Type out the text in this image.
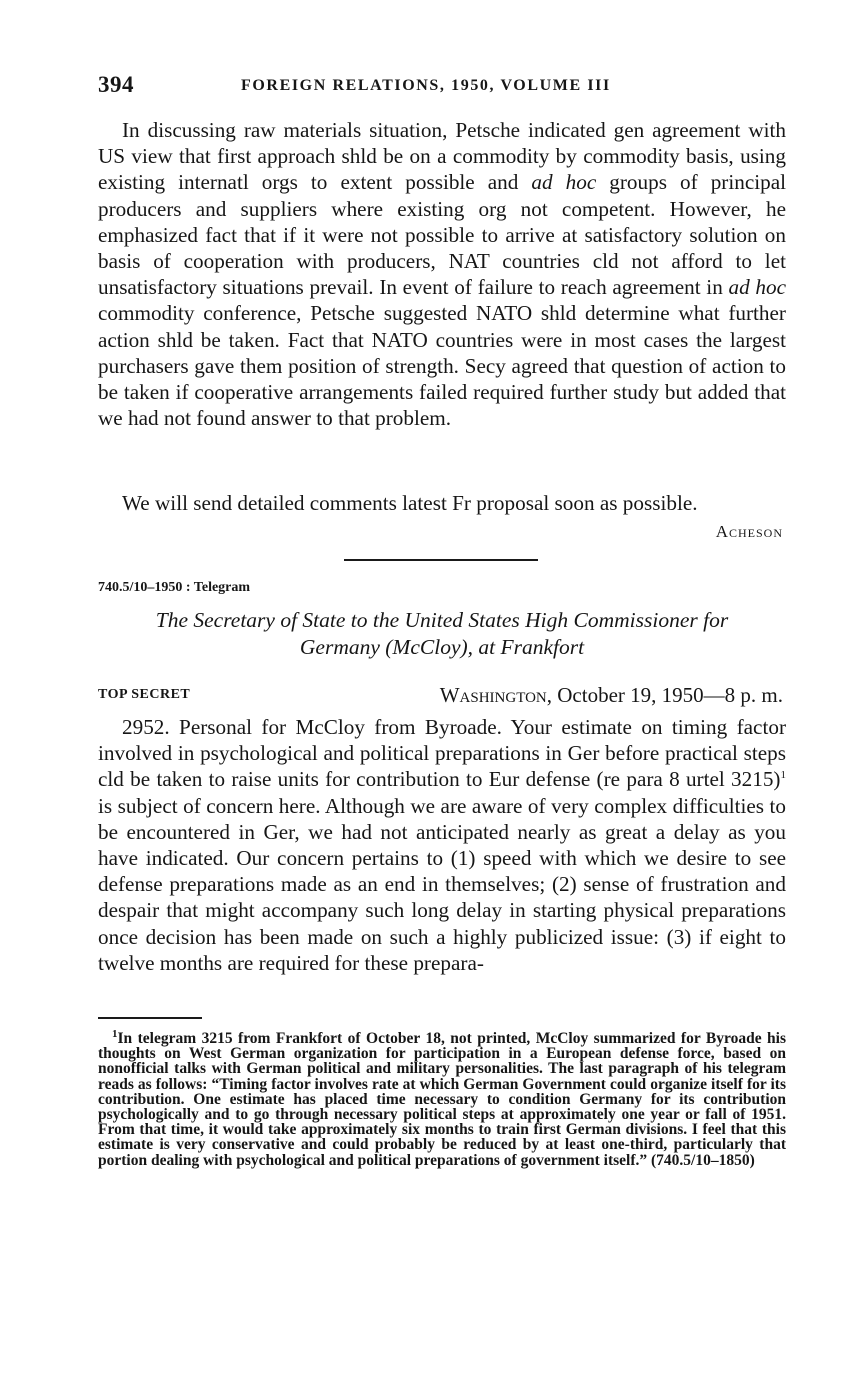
394	FOREIGN RELATIONS, 1950, VOLUME III

In discussing raw materials situation, Petsche indicated gen agreement with US view that first approach shld be on a commodity by commodity basis, using existing internatl orgs to extent possible and ad hoc groups of principal producers and suppliers where existing org not competent. However, he emphasized fact that if it were not possible to arrive at satisfactory solution on basis of cooperation with producers, NAT countries cld not afford to let unsatisfactory situations prevail. In event of failure to reach agreement in ad hoc commodity conference, Petsche suggested NATO shld determine what further action shld be taken. Fact that NATO countries were in most cases the largest purchasers gave them position of strength. Secy agreed that question of action to be taken if cooperative arrangements failed required further study but added that we had not found answer to that problem.

We will send detailed comments latest Fr proposal soon as possible.

Acheson
740.5/10–1950 : Telegram

The Secretary of State to the United States High Commissioner for
Germany (McCloy), at Frankfort

TOP SECRET	Washington, October 19, 1950—8 p. m.

2952. Personal for McCloy from Byroade. Your estimate on timing factor involved in psychological and political preparations in Ger before practical steps cld be taken to raise units for contribution to Eur defense (re para 8 urtel 3215)$^1$ is subject of concern here. Although we are aware of very complex difficulties to be encountered in Ger, we had not anticipated nearly as great a delay as you have indicated. Our concern pertains to (1) speed with which we desire to see defense preparations made as an end in themselves; (2) sense of frustration and despair that might accompany such long delay in starting physical preparations once decision has been made on such a highly publicized issue: (3) if eight to twelve months are required for these prepara-

$^1$In telegram 3215 from Frankfort of October 18, not printed, McCloy summarized for Byroade his thoughts on West German organization for participation in a European defense force, based on nonofficial talks with German political and military personalities. The last paragraph of his telegram reads as follows: “Timing factor involves rate at which German Government could organize itself for its contribution. One estimate has placed time necessary to condition Germany for its contribution psychologically and to go through necessary political steps at approximately one year or fall of 1951. From that time, it would take approximately six months to train first German divisions. I feel that this estimate is very conservative and could probably be reduced by at least one-third, particularly that portion dealing with psychological and political preparations of government itself.” (740.5/10–1850)
